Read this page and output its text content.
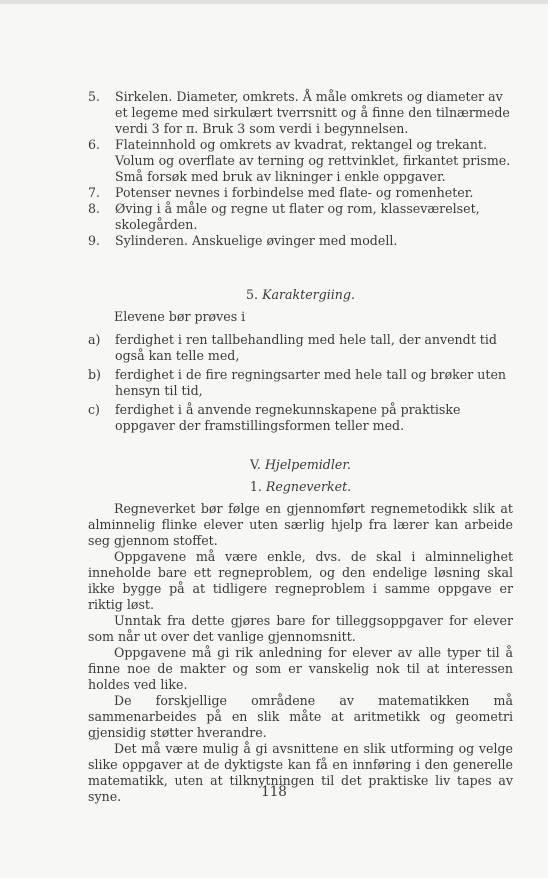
5. Sirkelen. Diameter, omkrets. Å måle omkrets og diameter av et legeme med sirkulært tverrsnitt og å finne den tilnærmede verdi 3 for π. Bruk 3 som verdi i begynnelsen.
6. Flateinnhold og omkrets av kvadrat, rektangel og trekant. Volum og overflate av terning og rettvinklet, firkantet prisme. Små forsøk med bruk av likninger i enkle oppgaver.
7. Potenser nevnes i forbindelse med flate- og romenheter.
8. Øving i å måle og regne ut flater og rom, klasseværelset, skolegården.
9. Sylinderen. Anskuelige øvinger med modell.
5. Karaktergiing.

Elevene bør prøves i

a) ferdighet i ren tallbehandling med hele tall, der anvendt tid også kan telle med,
b) ferdighet i de fire regningsarter med hele tall og brøker uten hensyn til tid,
c) ferdighet i å anvende regnekunnskapene på praktiske oppgaver der framstillingsformen teller med.
V. Hjelpemidler.
1. Regneverket.

Regneverket bør følge en gjennomført regnemetodikk slik at alminnelig flinke elever uten særlig hjelp fra lærer kan arbeide seg gjennom stoffet.

Oppgavene må være enkle, dvs. de skal i alminnelighet inneholde bare ett regneproblem, og den endelige løsning skal ikke bygge på at tidligere regneproblem i samme oppgave er riktig løst.

Unntak fra dette gjøres bare for tilleggsoppgaver for elever som når ut over det vanlige gjennomsnitt.

Oppgavene må gi rik anledning for elever av alle typer til å finne noe de makter og som er vanskelig nok til at interessen holdes ved like.

De forskjellige områdene av matematikken må sammenarbeides på en slik måte at aritmetikk og geometri gjensidig støtter hverandre.

Det må være mulig å gi avsnittene en slik utforming og velge slike oppgaver at de dyktigste kan få en innføring i den generelle matematikk, uten at tilknytningen til det praktiske liv tapes av syne.	118
